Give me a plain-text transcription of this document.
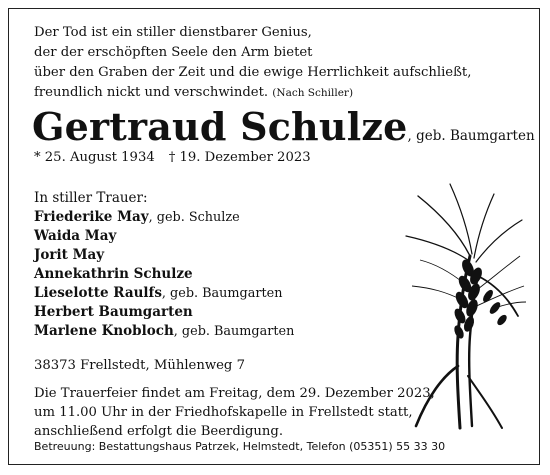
Der Tod ist ein stiller dienstbarer Genius,
der der erschöpften Seele den Arm bietet
über den Graben der Zeit und die ewige Herrlichkeit aufschließt,
freundlich nickt und verschwindet. (Nach Schiller)
Gertraud Schulze, geb. Baumgarten
* 25. August 1934 † 19. Dezember 2023
In stiller Trauer:
Friederike May, geb. Schulze
Waida May
Jorit May
Annekathrin Schulze
Lieselotte Raulfs, geb. Baumgarten
Herbert Baumgarten
Marlene Knobloch, geb. Baumgarten
38373 Frellstedt, Mühlenweg 7
Die Trauerfeier findet am Freitag, dem 29. Dezember 2023,
um 11.00 Uhr in der Friedhofskapelle in Frellstedt statt,
anschließend erfolgt die Beerdigung.
Betreuung: Bestattungshaus Patrzek, Helmstedt, Telefon (05351) 55 33 30
